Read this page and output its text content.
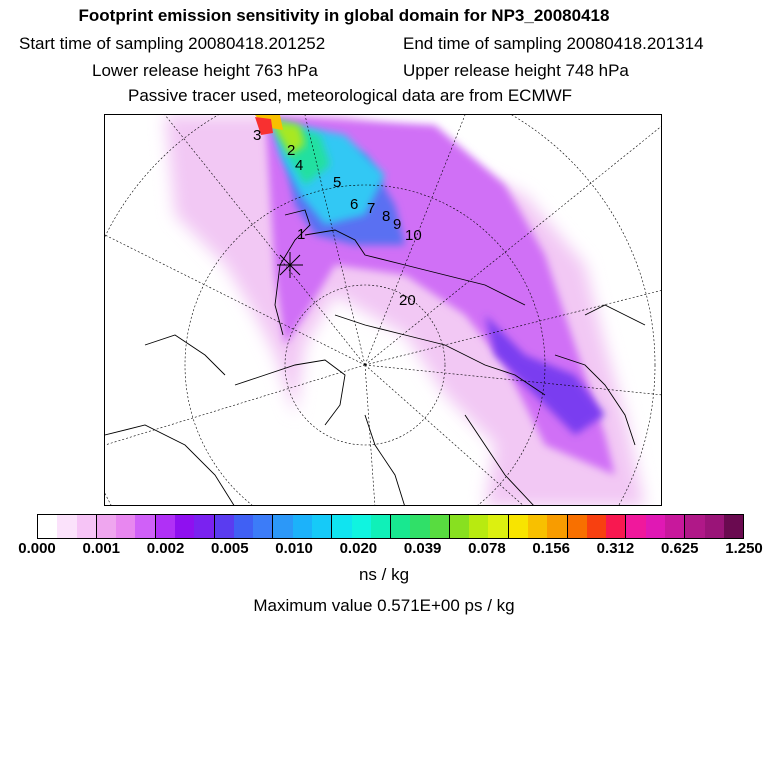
Footprint emission sensitivity in global domain for NP3_20080418
Start time of sampling 20080418.201252	End time of sampling 20080418.201314
Lower release height 763 hPa	Upper release height 748 hPa
Passive tracer used, meteorological data are from ECMWF
3
2
4
5
6 7 8 9
10
1
20
0.000 0.001 0.002 0.005 0.010 0.020 0.039 0.078 0.156 0.312 0.625 1.250
ns / kg
Maximum value 0.571E+00 ps / kg
